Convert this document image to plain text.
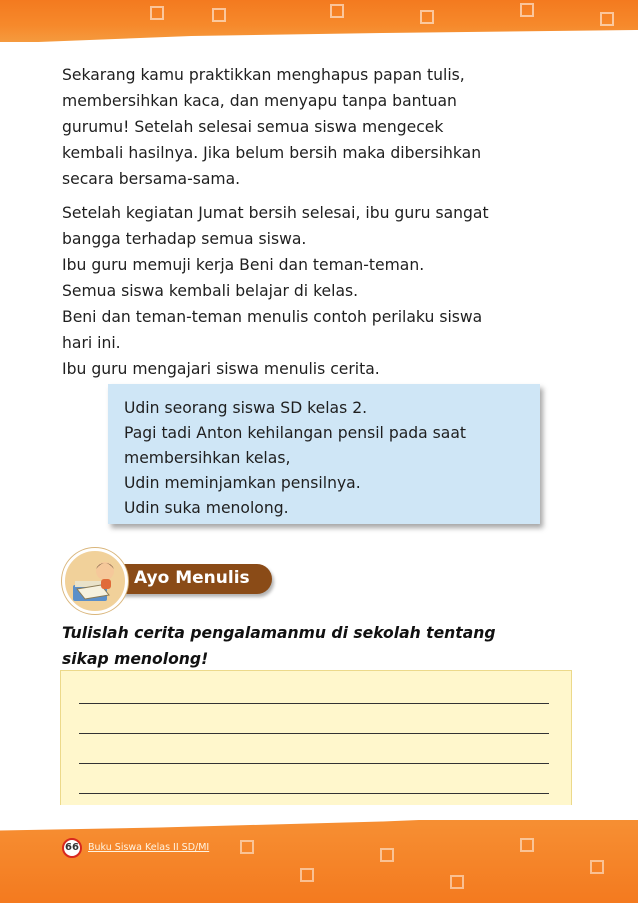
Sekarang kamu praktikkan menghapus papan tulis,

membersihkan kaca, dan menyapu tanpa bantuan

gurumu! Setelah selesai semua siswa mengecek

kembali hasilnya. Jika belum bersih maka dibersihkan

secara bersama-sama.

Setelah kegiatan Jumat bersih selesai, ibu guru sangat

bangga terhadap semua siswa.

Ibu guru memuji kerja Beni dan teman-teman.

Semua siswa kembali belajar di kelas.

Beni dan teman-teman menulis contoh perilaku siswa

hari ini.

Ibu guru mengajari siswa menulis cerita.

Udin seorang siswa SD kelas 2.

Pagi tadi Anton kehilangan pensil pada saat

membersihkan kelas,

Udin meminjamkan pensilnya.

Udin suka menolong.

Ayo Menulis

Tulislah cerita pengalamanmu di sekolah tentang

sikap menolong!

66 Buku Siswa Kelas II SD/MI
